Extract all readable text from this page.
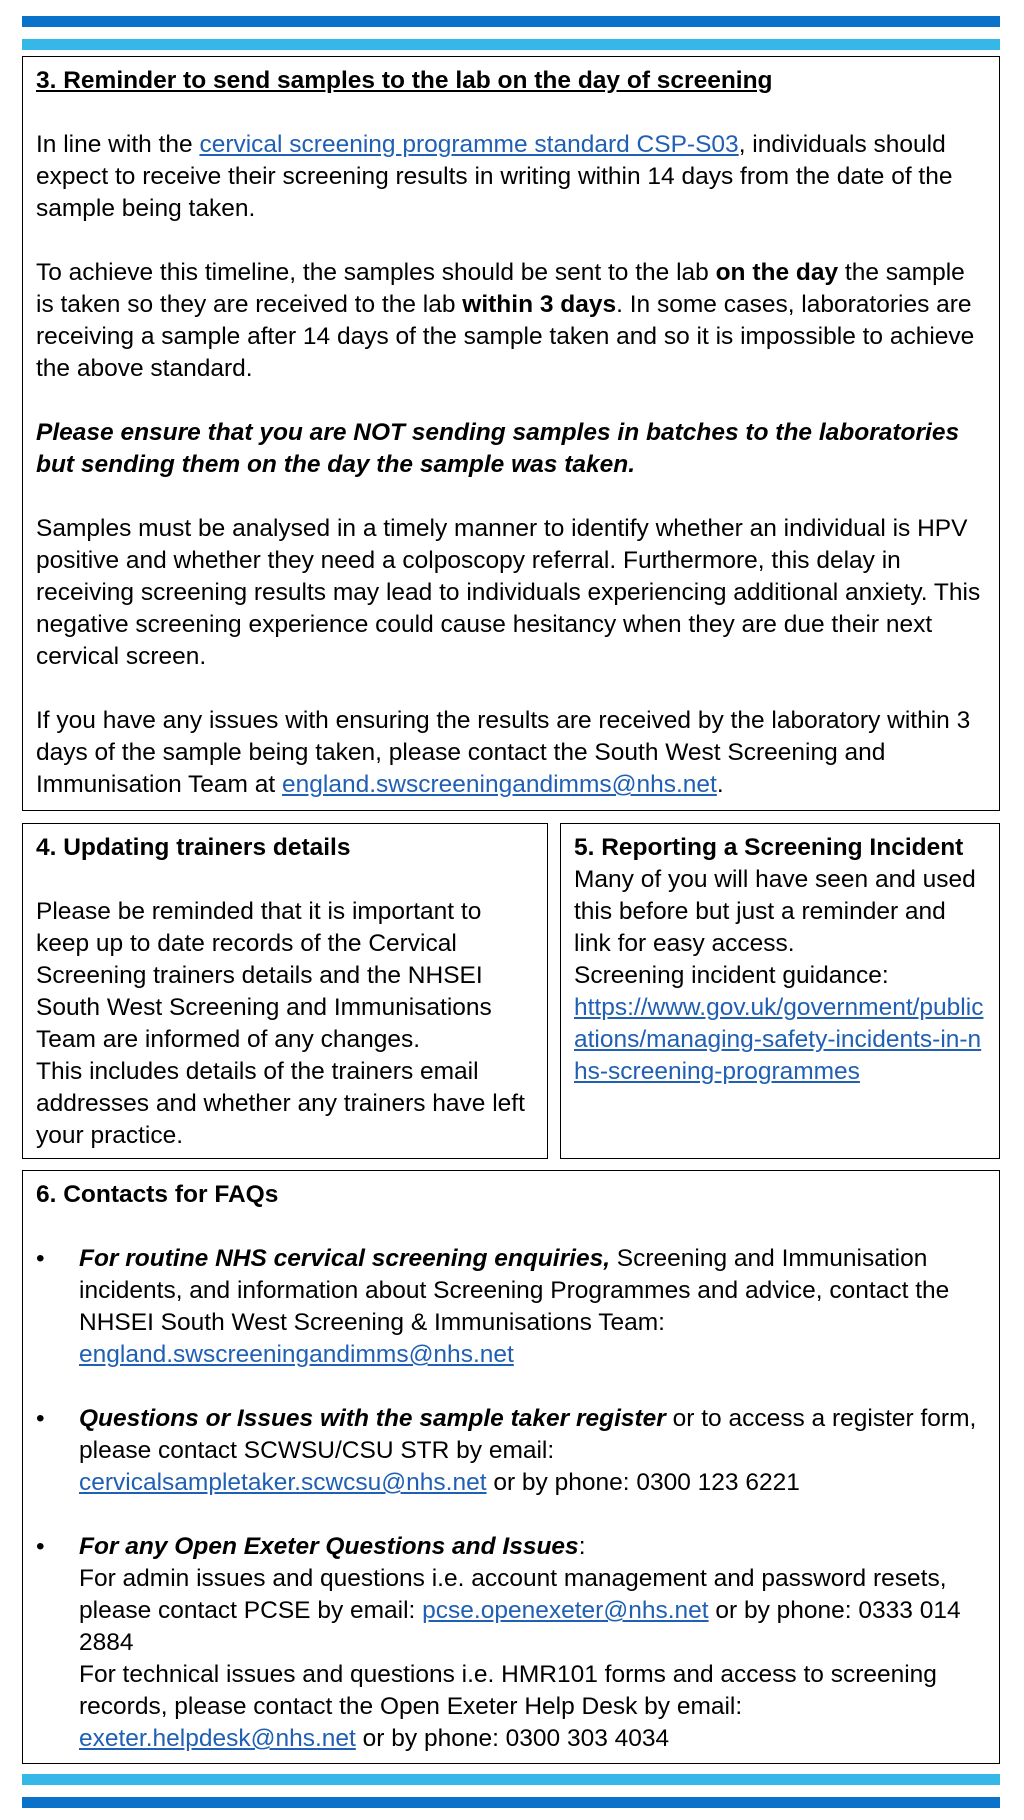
3. Reminder to send samples to the lab on the day of screening

In line with the cervical screening programme standard CSP-S03, individuals should expect to receive their screening results in writing within 14 days from the date of the sample being taken.

To achieve this timeline, the samples should be sent to the lab on the day the sample is taken so they are received to the lab within 3 days. In some cases, laboratories are receiving a sample after 14 days of the sample taken and so it is impossible to achieve the above standard.

Please ensure that you are NOT sending samples in batches to the laboratories but sending them on the day the sample was taken.

Samples must be analysed in a timely manner to identify whether an individual is HPV positive and whether they need a colposcopy referral. Furthermore, this delay in receiving screening results may lead to individuals experiencing additional anxiety. This negative screening experience could cause hesitancy when they are due their next cervical screen.

If you have any issues with ensuring the results are received by the laboratory within 3 days of the sample being taken, please contact the South West Screening and Immunisation Team at england.swscreeningandimms@nhs.net.

4. Updating trainers details

Please be reminded that it is important to keep up to date records of the Cervical Screening trainers details and the NHSEI South West Screening and Immunisations Team are informed of any changes.

This includes details of the trainers email addresses and whether any trainers have left your practice.

5. Reporting a Screening Incident

Many of you will have seen and used this before but just a reminder and link for easy access.

Screening incident guidance:

https://www.gov.uk/government/publications/managing-safety-incidents-in-nhs-screening-programmes

6. Contacts for FAQs

• For routine NHS cervical screening enquiries, Screening and Immunisation incidents, and information about Screening Programmes and advice, contact the NHSEI South West Screening & Immunisations Team:

england.swscreeningandimms@nhs.net

• Questions or Issues with the sample taker register or to access a register form, please contact SCWSU/CSU STR by email:

cervicalsampletaker.scwcsu@nhs.net or by phone: 0300 123 6221

• For any Open Exeter Questions and Issues:

For admin issues and questions i.e. account management and password resets, please contact PCSE by email: pcse.openexeter@nhs.net or by phone: 0333 014 2884

For technical issues and questions i.e. HMR101 forms and access to screening records, please contact the Open Exeter Help Desk by email: exeter.helpdesk@nhs.net or by phone: 0300 303 4034
